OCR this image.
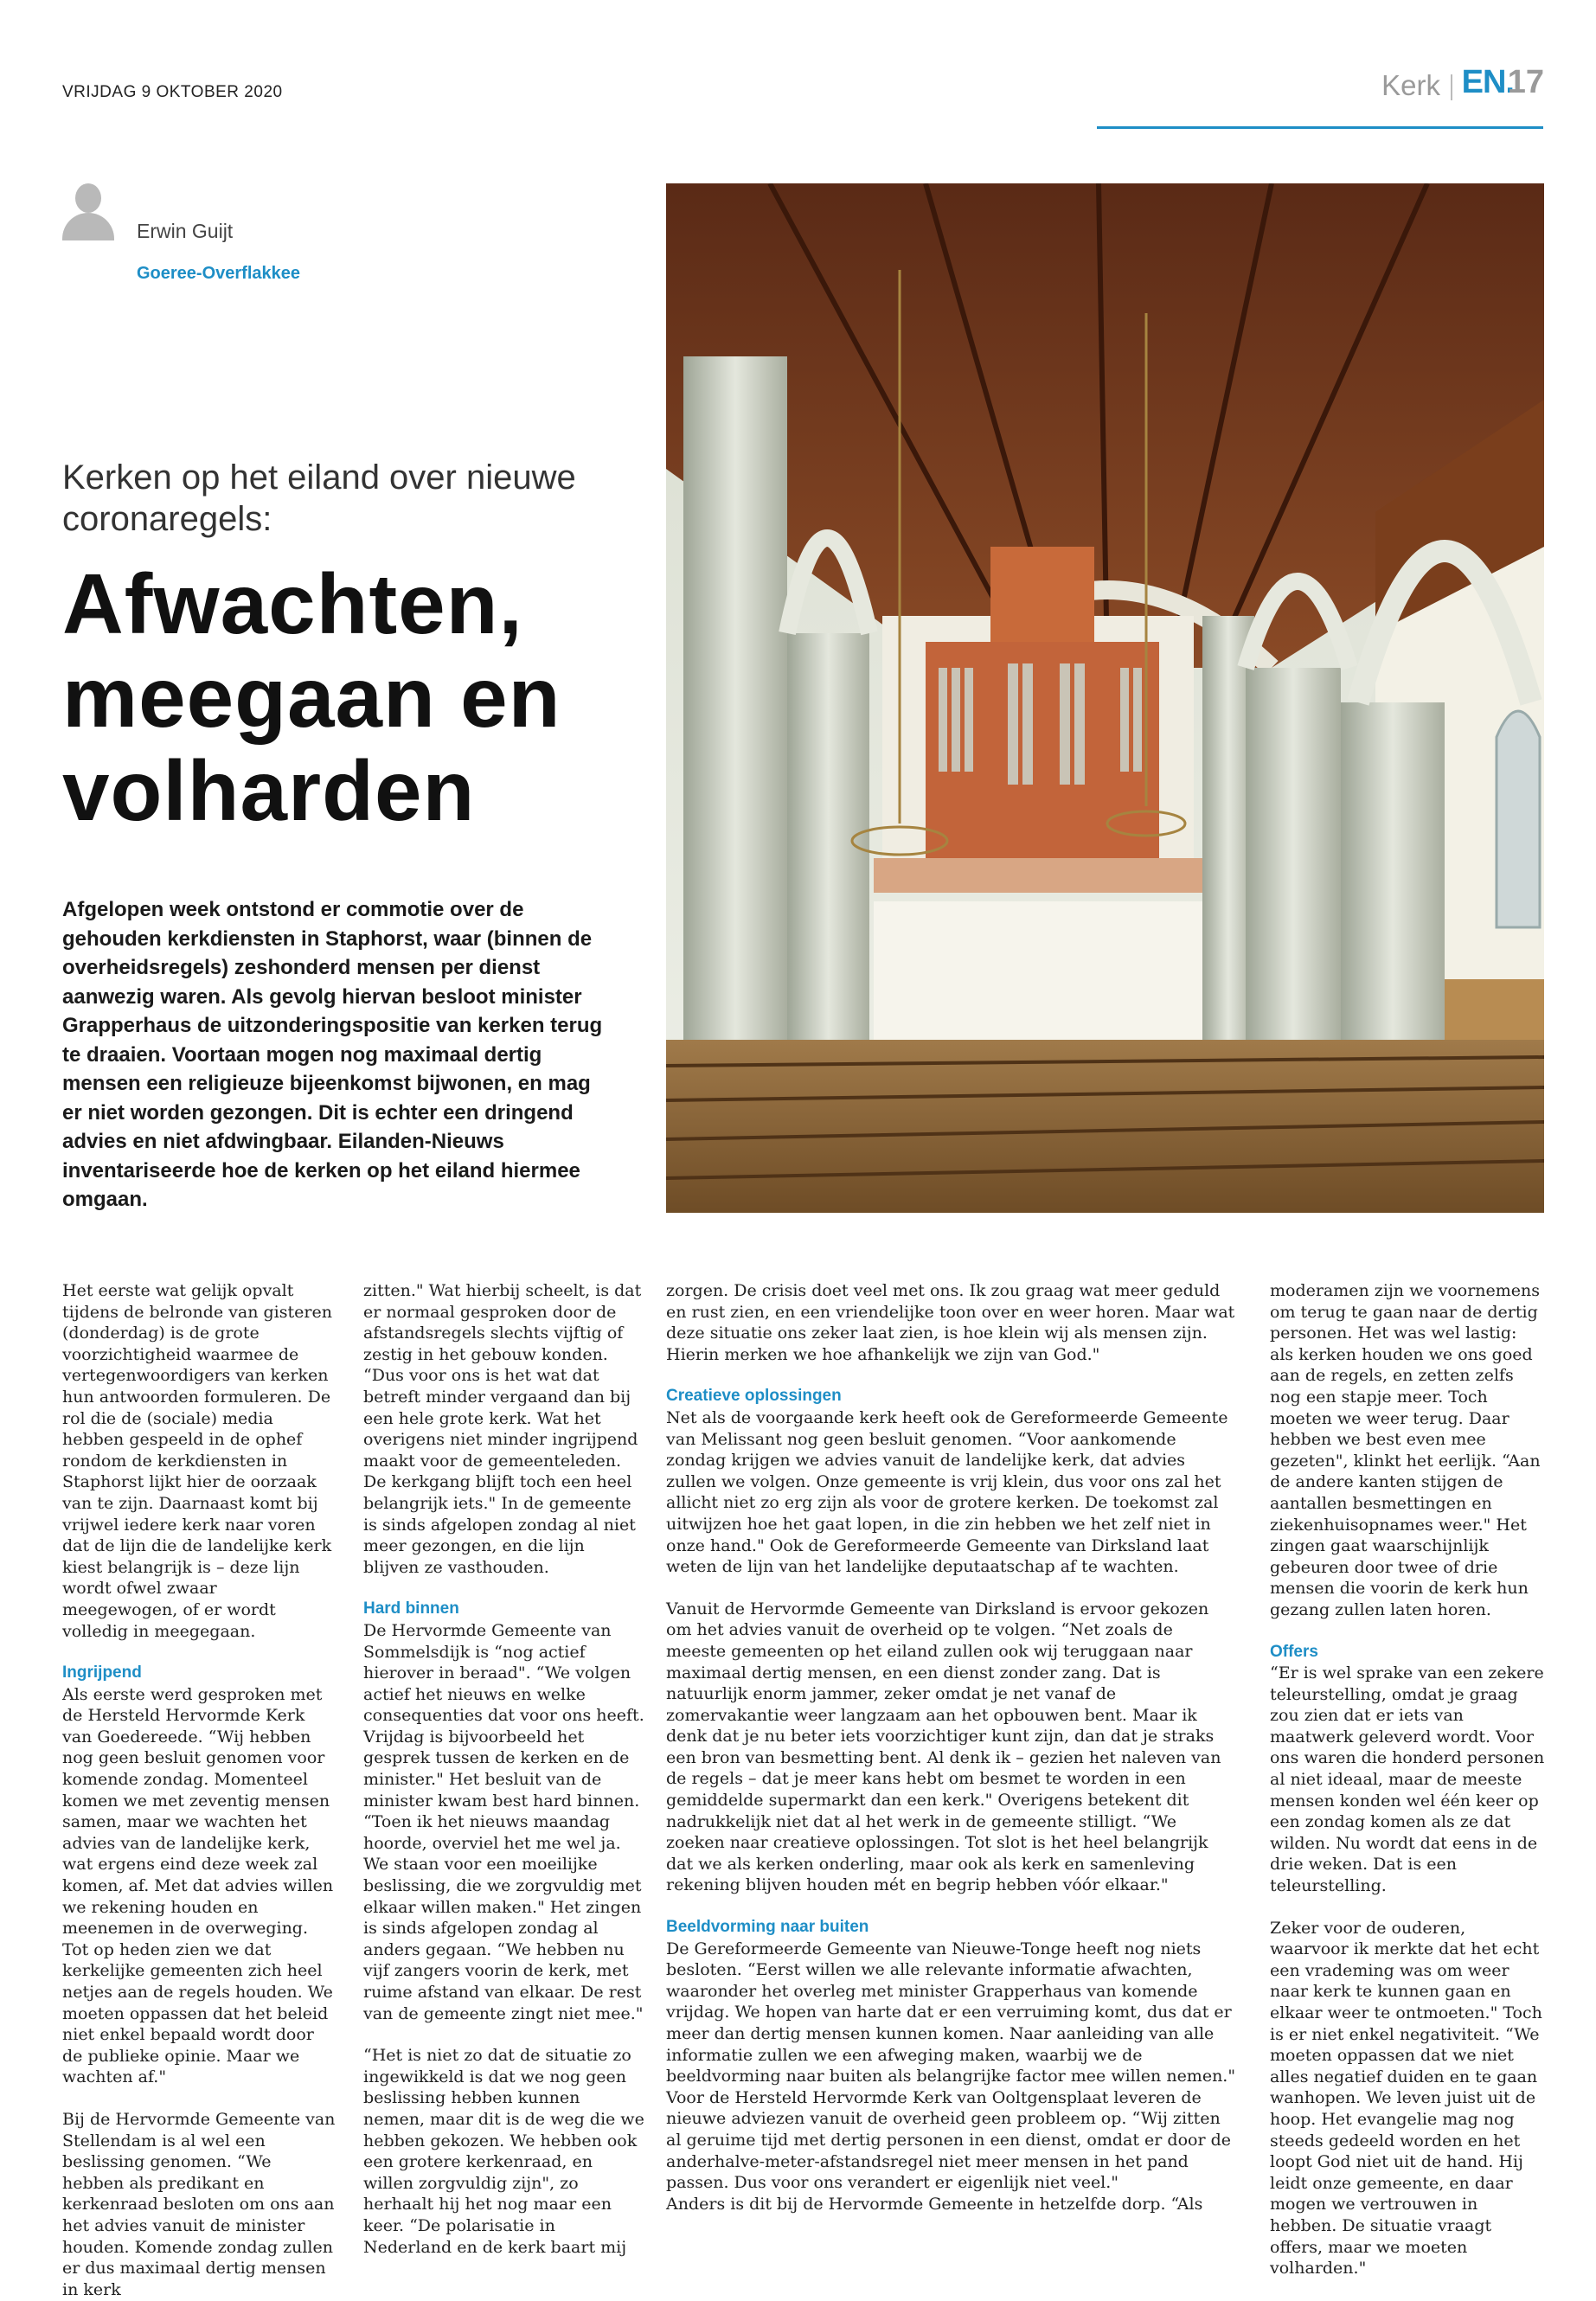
VRIJDAG 9 OKTOBER 2020	Kerk EN.
17
Erwin Guijt
Goeree-Overflakkee
Kerken op het eiland over nieuwe coronaregels:
Afwachten, meegaan en volharden
Afgelopen week ontstond er commotie over de gehouden kerkdiensten in Staphorst, waar (binnen de overheidsregels) zeshonderd mensen per dienst aanwezig waren. Als gevolg hiervan besloot minister Grapperhaus de uitzonderingspositie van kerken terug te draaien. Voortaan mogen nog maximaal dertig mensen een religieuze bijeenkomst bijwonen, en mag er niet worden gezongen. Dit is echter een dringend advies en niet afdwingbaar. Eilanden-Nieuws inventariseerde hoe de kerken op het eiland hiermee omgaan.

Het eerste wat gelijk opvalt tijdens de belronde van gisteren (donderdag) is de grote voorzichtigheid waarmee de vertegenwoordigers van kerken hun antwoorden formuleren. De rol die de (sociale) media hebben gespeeld in de ophef rondom de kerkdiensten in Staphorst lijkt hier de oorzaak van te zijn. Daarnaast komt bij vrijwel iedere kerk naar voren dat de lijn die de landelijke kerk kiest belangrijk is – deze lijn wordt ofwel zwaar meegewogen, of er wordt volledig in meegegaan.

Ingrijpend

Als eerste werd gesproken met de Hersteld Hervormde Kerk van Goedereede. “Wij hebben nog geen besluit genomen voor komende zondag. Momenteel komen we met zeventig mensen samen, maar we wachten het advies van de landelijke kerk, wat ergens eind deze week zal komen, af. Met dat advies willen we rekening houden en meenemen in de overweging. Tot op heden zien we dat kerkelijke gemeenten zich heel netjes aan de regels houden. We moeten oppassen dat het beleid niet enkel bepaald wordt door de publieke opinie. Maar we wachten af."

Bij de Hervormde Gemeente van Stellendam is al wel een beslissing genomen. “We hebben als predikant en kerkenraad besloten om ons aan het advies vanuit de minister houden. Komende zondag zullen er dus maximaal dertig mensen in kerk

zitten." Wat hierbij scheelt, is dat er normaal gesproken door de afstandsregels slechts vijftig of zestig in het gebouw konden. “Dus voor ons is het wat dat betreft minder vergaand dan bij een hele grote kerk. Wat het overigens niet minder ingrijpend maakt voor de gemeenteleden. De kerkgang blijft toch een heel belangrijk iets." In de gemeente is sinds afgelopen zondag al niet meer gezongen, en die lijn blijven ze vasthouden.

Hard binnen

De Hervormde Gemeente van Sommelsdijk is “nog actief hierover in beraad". “We volgen actief het nieuws en welke consequenties dat voor ons heeft. Vrijdag is bijvoorbeeld het gesprek tussen de kerken en de minister." Het besluit van de minister kwam best hard binnen. “Toen ik het nieuws maandag hoorde, overviel het me wel ja. We staan voor een moeilijke beslissing, die we zorgvuldig met elkaar willen maken." Het zingen is sinds afgelopen zondag al anders gegaan. “We hebben nu vijf zangers voorin de kerk, met ruime afstand van elkaar. De rest van de gemeente zingt niet mee."

“Het is niet zo dat de situatie zo ingewikkeld is dat we nog geen beslissing hebben kunnen nemen, maar dit is de weg die we hebben gekozen. We hebben ook een grotere kerkenraad, en willen zorgvuldig zijn", zo herhaalt hij het nog maar een keer. “De polarisatie in Nederland en de kerk baart mij

zorgen. De crisis doet veel met ons. Ik zou graag wat meer geduld en rust zien, en een vriendelijke toon over en weer horen. Maar wat deze situatie ons zeker laat zien, is hoe klein wij als mensen zijn. Hierin merken we hoe afhankelijk we zijn van God."

Creatieve oplossingen

Net als de voorgaande kerk heeft ook de Gereformeerde Gemeente van Melissant nog geen besluit genomen. “Voor aankomende zondag krijgen we advies vanuit de landelijke kerk, dat advies zullen we volgen. Onze gemeente is vrij klein, dus voor ons zal het allicht niet zo erg zijn als voor de grotere kerken. De toekomst zal uitwijzen hoe het gaat lopen, in die zin hebben we het zelf niet in onze hand." Ook de Gereformeerde Gemeente van Dirksland laat weten de lijn van het landelijke deputaatschap af te wachten.

Vanuit de Hervormde Gemeente van Dirksland is ervoor gekozen om het advies vanuit de overheid op te volgen. “Net zoals de meeste gemeenten op het eiland zullen ook wij teruggaan naar maximaal dertig mensen, en een dienst zonder zang. Dat is natuurlijk enorm jammer, zeker omdat je net vanaf de zomervakantie weer langzaam aan het opbouwen bent. Maar ik denk dat je nu beter iets voorzichtiger kunt zijn, dan dat je straks een bron van besmetting bent. Al denk ik – gezien het naleven van de regels – dat je meer kans hebt om besmet te worden in een gemiddelde supermarkt dan een kerk." Overigens betekent dit nadrukkelijk niet dat al het werk in de gemeente stilligt. “We zoeken naar creatieve oplossingen. Tot slot is het heel belangrijk dat we als kerken onderling, maar ook als kerk en samenleving rekening blijven houden mét en begrip hebben vóór elkaar."

Beeldvorming naar buiten

De Gereformeerde Gemeente van Nieuwe-Tonge heeft nog niets besloten. “Eerst willen we alle relevante informatie afwachten, waaronder het overleg met minister Grapperhaus van komende vrijdag. We hopen van harte dat er een verruiming komt, dus dat er meer dan dertig mensen kunnen komen. Naar aanleiding van alle informatie zullen we een afweging maken, waarbij we de beeldvorming naar buiten als belangrijke factor mee willen nemen." Voor de Hersteld Hervormde Kerk van Ooltgensplaat leveren de nieuwe adviezen vanuit de overheid geen probleem op. “Wij zitten al geruime tijd met dertig personen in een dienst, omdat er door de anderhalve-meter-afstandsregel niet meer mensen in het pand passen. Dus voor ons verandert er eigenlijk niet veel."

Anders is dit bij de Hervormde Gemeente in hetzelfde dorp. “Als

moderamen zijn we voornemens om terug te gaan naar de dertig personen. Het was wel lastig: als kerken houden we ons goed aan de regels, en zetten zelfs nog een stapje meer. Toch moeten we weer terug. Daar hebben we best even mee gezeten", klinkt het eerlijk. “Aan de andere kanten stijgen de aantallen besmettingen en ziekenhuisopnames weer." Het zingen gaat waarschijnlijk gebeuren door twee of drie mensen die voorin de kerk hun gezang zullen laten horen.

Offers

“Er is wel sprake van een zekere teleurstelling, omdat je graag zou zien dat er iets van maatwerk geleverd wordt. Voor ons waren die honderd personen al niet ideaal, maar de meeste mensen konden wel één keer op een zondag komen als ze dat wilden. Nu wordt dat eens in de drie weken. Dat is een teleurstelling.

Zeker voor de ouderen, waarvoor ik merkte dat het echt een vrademing was om weer naar kerk te kunnen gaan en elkaar weer te ontmoeten." Toch is er niet enkel negativiteit. “We moeten oppassen dat we niet alles negatief duiden en te gaan wanhopen. We leven juist uit de hoop. Het evangelie mag nog steeds gedeeld worden en het loopt God niet uit de hand. Hij leidt onze gemeente, en daar mogen we vertrouwen in hebben. De situatie vraagt offers, maar we moeten volharden."
